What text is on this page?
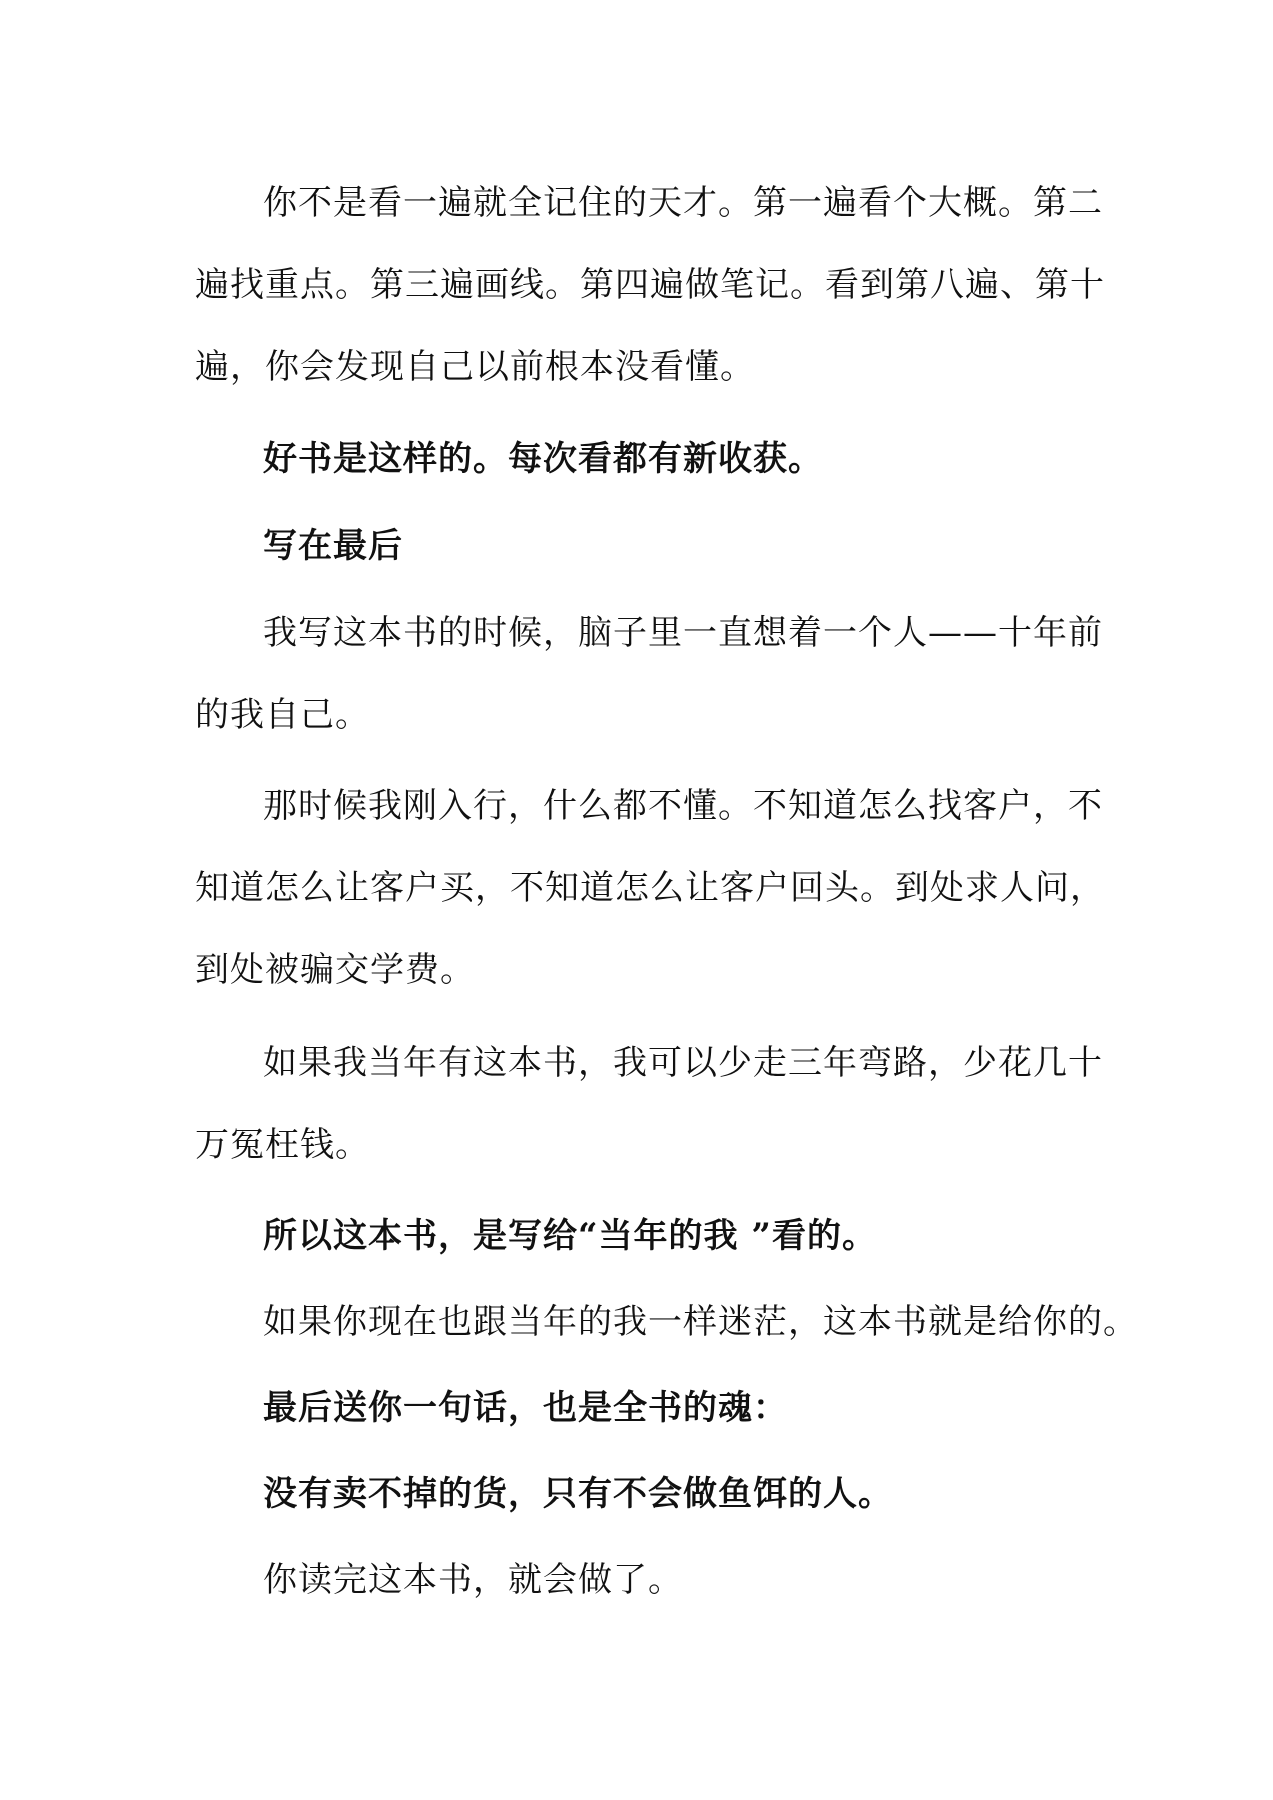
你不是看一遍就全记住的天才。第一遍看个大概。第二
遍找重点。第三遍画线。第四遍做笔记。看到第八遍、第十
遍，你会发现自己以前根本没看懂。
好书是这样的。每次看都有新收获。
写在最后
我写这本书的时候，脑子里一直想着一个人——十年前
的我自己。
那时候我刚入行，什么都不懂。不知道怎么找客户，不
知道怎么让客户买，不知道怎么让客户回头。到处求人问，
到处被骗交学费。
如果我当年有这本书，我可以少走三年弯路，少花几十
万冤枉钱。
所以这本书，是写给“当年的我 ”看的。
如果你现在也跟当年的我一样迷茫，这本书就是给你的。
最后送你一句话，也是全书的魂：
没有卖不掉的货，只有不会做鱼饵的人。
你读完这本书，就会做了。
